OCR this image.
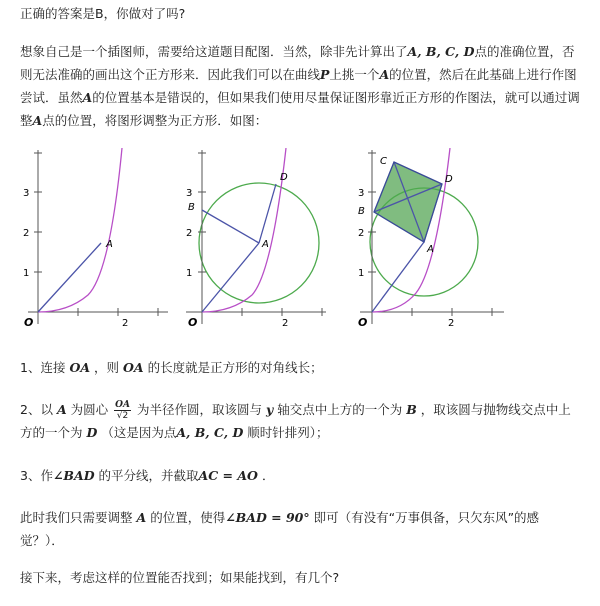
正确的答案是B，你做对了吗?

想象自己是一个插图师，需要给这道题目配图．当然，除非先计算出了A, B, C, D点的准确位置，否则无法准确的画出这个正方形来．因此我们可以在曲线P上挑一个A的位置，然后在此基础上进行作图尝试．虽然A的位置基本是错误的，但如果我们使用尽量保证图形靠近正方形的作图法，就可以通过调整A点的位置，将图形调整为正方形．如图：

1
2
3
2
O
A
1
2
3
2
O
A
B
D
1
2
3
2
O
A
B
C
D

1、连接 OA ，则 OA 的长度就是正方形的对角线长；

2、以 A 为圆心 $\frac{OA}{√2}$ 为半径作圆，取该圆与 y 轴交点中上方的一个为 B ，取该圆与抛物线交点中上方的一个为 D （这是因为点A, B, C, D 顺时针排列）；

3、作∠BAD 的平分线，并截取AC = AO ．

此时我们只需要调整 A 的位置，使得∠BAD = 90° 即可（有没有“万事俱备，只欠东风”的感觉？）．

接下来，考虑这样的位置能否找到；如果能找到，有几个?
